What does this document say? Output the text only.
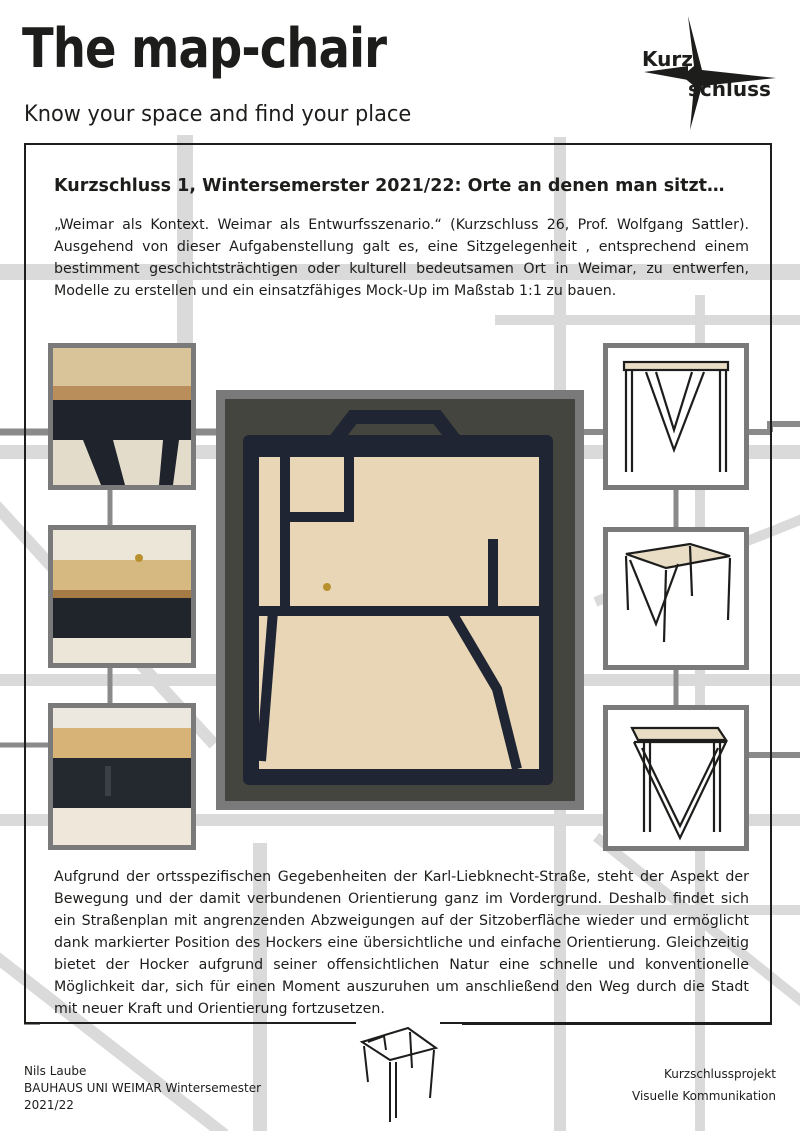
The map-chair

Know your space and find your place

Kurz
schluss
Kurzschluss 1, Wintersemerster 2021/22: Orte an denen man sitzt…

„Weimar als Kontext. Weimar als Entwurfsszenario.“ (Kurzschluss 26, Prof. Wolfgang Sattler). Ausgehend von dieser Aufgabenstellung galt es, eine Sitzgelegenheit , entsprechend einem bestimment geschichtsträchtigen oder kulturell bedeutsamen Ort in Weimar, zu entwerfen, Modelle zu erstellen und ein einsatzfähiges Mock-Up im Maßstab 1:1 zu bauen.

Aufgrund der ortsspezifischen Gegebenheiten der Karl-Liebknecht-Straße, steht der Aspekt der Bewegung und der damit verbundenen Orientierung ganz im Vordergrund. Deshalb findet sich ein Straßenplan mit angrenzenden Abzweigungen auf der Sitzoberfläche wieder und ermöglicht dank markierter Position des Hockers eine übersichtliche und einfache Orientierung. Gleichzeitig bietet der Hocker aufgrund seiner offensichtlichen Natur eine schnelle und konventionelle Möglichkeit dar, sich für einen Moment auszuruhen um anschließend den Weg durch die Stadt mit neuer Kraft und Orientierung fortzusetzen.

Nils Laube
BAUHAUS UNI WEIMAR Wintersemester
2021/22
Kurzschlussprojekt
Visuelle Kommunikation
